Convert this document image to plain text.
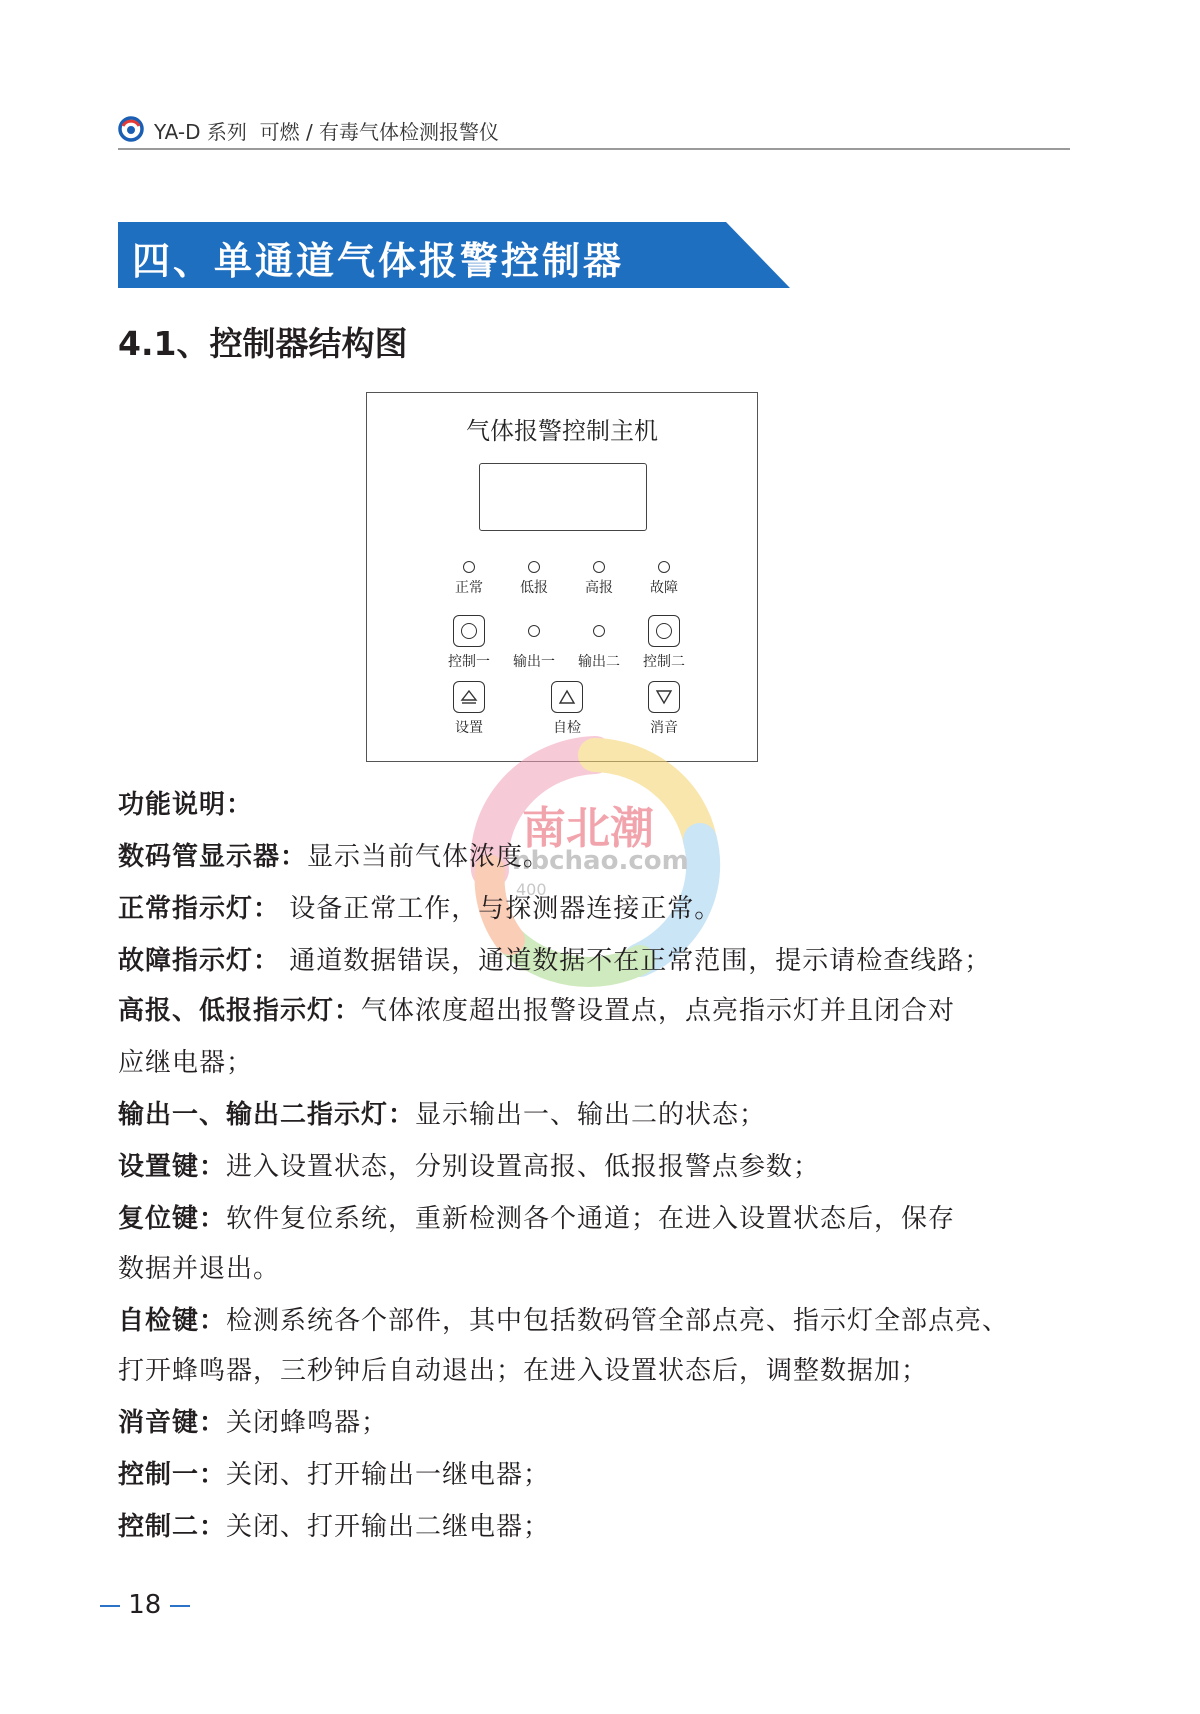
YA-D 系列 可燃 / 有毒气体检测报警仪
四、单通道气体报警控制器
4.1、控制器结构图
气体报警控制主机
正常	低报	高报	故障
控制一 输出一 输出二 控制二
设置	自检	消音
南北潮
nbchao.com
400
功能说明：
数码管显示器：显示当前气体浓度。
正常指示灯： 设备正常工作，与探测器连接正常。
故障指示灯： 通道数据错误，通道数据不在正常范围，提示请检查线路；
高报、低报指示灯：气体浓度超出报警设置点，点亮指示灯并且闭合对
应继电器；
输出一、输出二指示灯：显示输出一、输出二的状态；
设置键：进入设置状态，分别设置高报、低报报警点参数；
复位键：软件复位系统，重新检测各个通道；在进入设置状态后，保存
数据并退出。
自检键：检测系统各个部件，其中包括数码管全部点亮、指示灯全部点亮、
打开蜂鸣器，三秒钟后自动退出；在进入设置状态后，调整数据加；
消音键：关闭蜂鸣器；
控制一：关闭、打开输出一继电器；
控制二：关闭、打开输出二继电器；
18
